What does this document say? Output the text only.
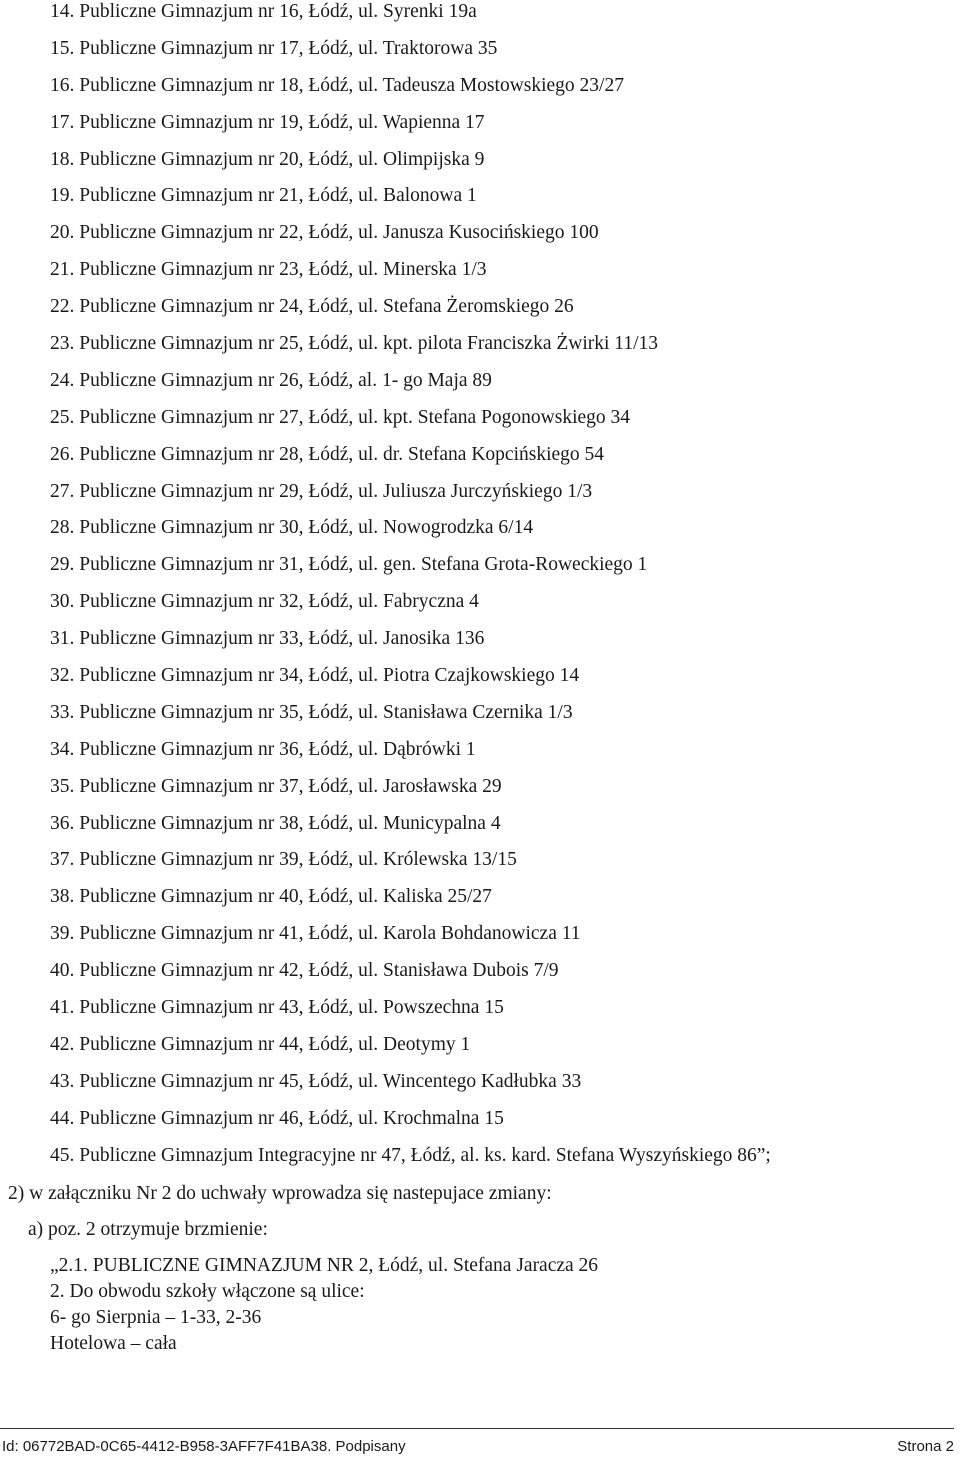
14. Publiczne Gimnazjum nr 16, Łódź, ul. Syrenki 19a
15. Publiczne Gimnazjum nr 17, Łódź, ul. Traktorowa 35
16. Publiczne Gimnazjum nr 18, Łódź, ul. Tadeusza Mostowskiego 23/27
17. Publiczne Gimnazjum nr 19, Łódź, ul. Wapienna 17
18. Publiczne Gimnazjum nr 20, Łódź, ul. Olimpijska 9
19. Publiczne Gimnazjum nr 21, Łódź, ul. Balonowa 1
20. Publiczne Gimnazjum nr 22, Łódź, ul. Janusza Kusocińskiego 100
21. Publiczne Gimnazjum nr 23, Łódź, ul. Minerska 1/3
22. Publiczne Gimnazjum nr 24, Łódź, ul. Stefana Żeromskiego 26
23. Publiczne Gimnazjum nr 25, Łódź, ul. kpt. pilota Franciszka Żwirki 11/13
24. Publiczne Gimnazjum nr 26, Łódź, al. 1- go Maja 89
25. Publiczne Gimnazjum nr 27, Łódź, ul. kpt. Stefana Pogonowskiego 34
26. Publiczne Gimnazjum nr 28, Łódź, ul. dr. Stefana Kopcińskiego 54
27. Publiczne Gimnazjum nr 29, Łódź, ul. Juliusza Jurczyńskiego 1/3
28. Publiczne Gimnazjum nr 30, Łódź, ul. Nowogrodzka 6/14
29. Publiczne Gimnazjum nr 31, Łódź, ul. gen. Stefana Grota-Roweckiego 1
30. Publiczne Gimnazjum nr 32, Łódź, ul. Fabryczna 4
31. Publiczne Gimnazjum nr 33, Łódź, ul. Janosika 136
32. Publiczne Gimnazjum nr 34, Łódź, ul. Piotra Czajkowskiego 14
33. Publiczne Gimnazjum nr 35, Łódź, ul. Stanisława Czernika 1/3
34. Publiczne Gimnazjum nr 36, Łódź, ul. Dąbrówki 1
35. Publiczne Gimnazjum nr 37, Łódź, ul. Jarosławska 29
36. Publiczne Gimnazjum nr 38, Łódź, ul. Municypalna 4
37. Publiczne Gimnazjum nr 39, Łódź, ul. Królewska 13/15
38. Publiczne Gimnazjum nr 40, Łódź, ul. Kaliska 25/27
39. Publiczne Gimnazjum nr 41, Łódź, ul. Karola Bohdanowicza 11
40. Publiczne Gimnazjum nr 42, Łódź, ul. Stanisława Dubois 7/9
41. Publiczne Gimnazjum nr 43, Łódź, ul. Powszechna 15
42. Publiczne Gimnazjum nr 44, Łódź, ul. Deotymy 1
43. Publiczne Gimnazjum nr 45, Łódź, ul. Wincentego Kadłubka 33
44. Publiczne Gimnazjum nr 46, Łódź, ul. Krochmalna 15
45. Publiczne Gimnazjum Integracyjne nr 47, Łódź, al. ks. kard. Stefana Wyszyńskiego 86”;
2) w załączniku Nr 2 do uchwały wprowadza się nastepujace zmiany:
a) poz. 2 otrzymuje brzmienie:
„2.1. PUBLICZNE GIMNAZJUM NR 2, Łódź, ul. Stefana Jaracza 26
2. Do obwodu szkoły włączone są ulice:
6- go Sierpnia – 1-33, 2-36
Hotelowa – cała
Id: 06772BAD-0C65-4412-B958-3AFF7F41BA38. Podpisany	Strona 2
